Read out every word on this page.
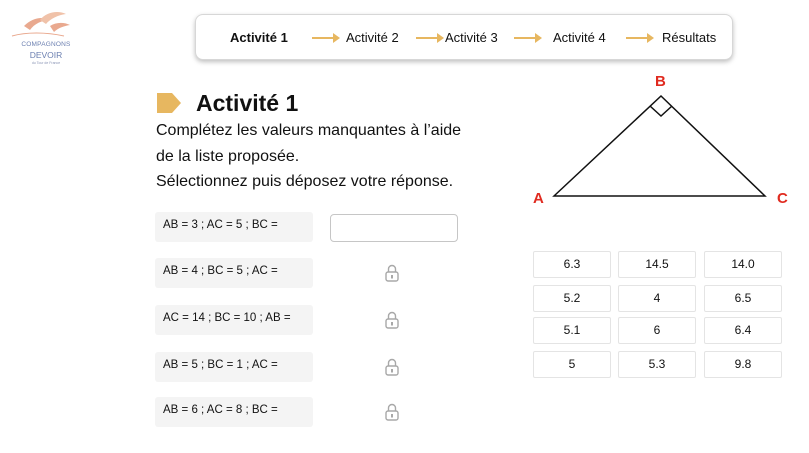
COMPAGNONS
DEVOIR
du Tour de France
Activité 1	Activité 2	Activité 3	Activité 4	Résultats
Activité 1
Complétez les valeurs manquantes à l’aide
de la liste proposée.
Sélectionnez puis déposez votre réponse.
AB = 3 ; AC = 5 ; BC =
AB = 4 ; BC = 5 ; AC =
AC = 14 ; BC = 10 ; AB =
AB = 5 ; BC = 1 ; AC =
AB = 6 ; AC = 8 ; BC =
B
A	C
6.3	14.5	14.0
5.2	4	6.5
5.1	6	6.4
5	5.3	9.8
